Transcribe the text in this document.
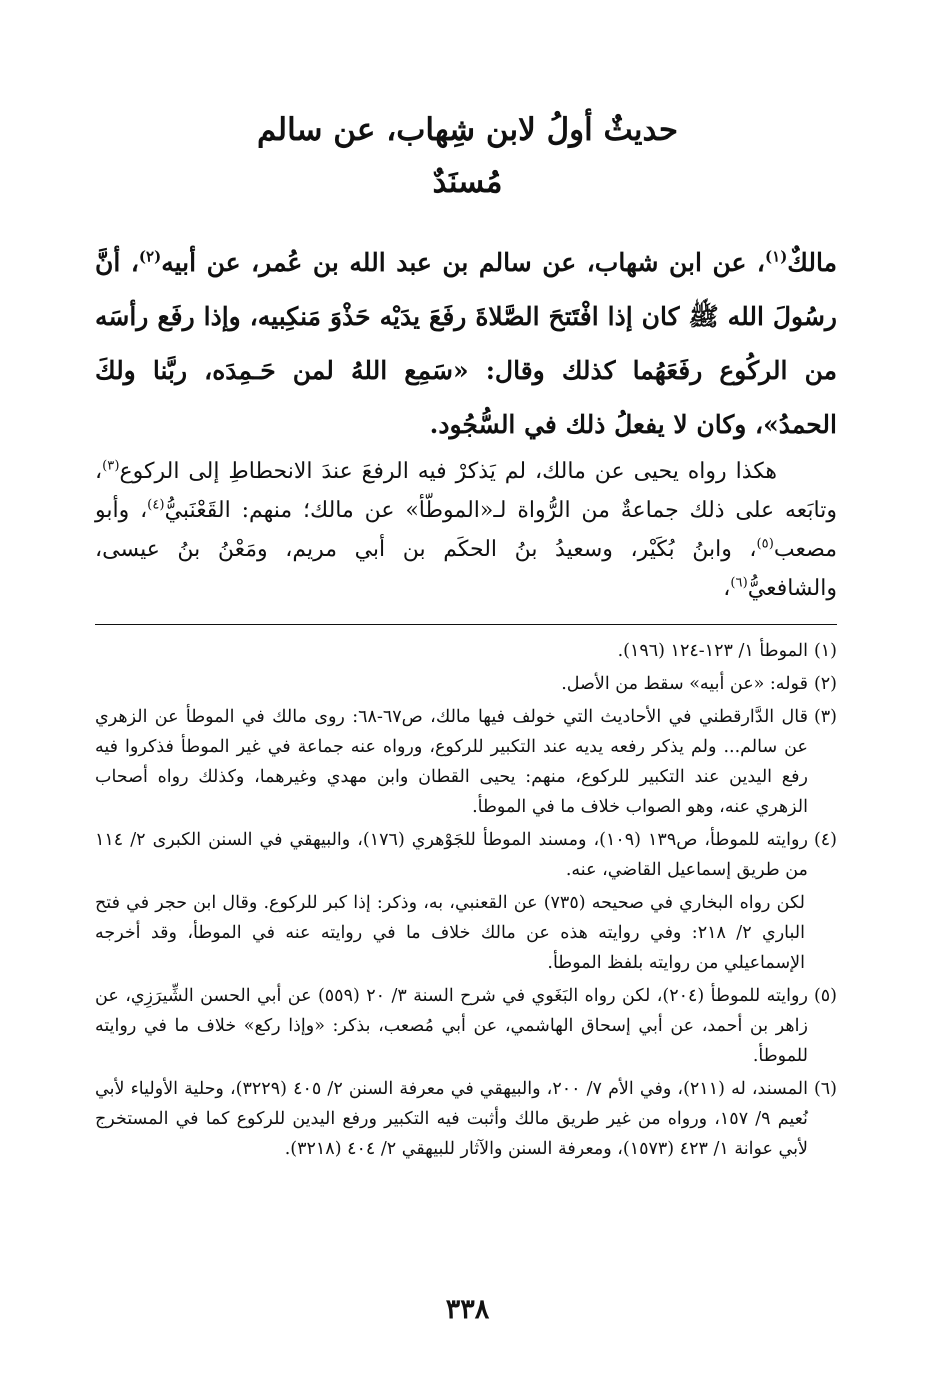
حديثٌ أولُ لابن شِهاب، عن سالم
مُسنَدٌ

مالكٌ$^{(١)}$، عن ابن شهاب، عن سالم بن عبد الله بن عُمر، عن أبيه$^{(٢)}$، أنَّ رسُولَ الله ﷺ كان إذا افْتَتحَ الصَّلاةَ رفَعَ يدَيْه حَذْوَ مَنكِبيه، وإذا رفَع رأسَه من الركُوع رفَعَهُما كذلك وقال: «سَمِع اللهُ لمن حَـمِدَه، ربَّنا ولكَ الحمدُ»، وكان لا يفعلُ ذلك في السُّجُود.

هكذا رواه يحيى عن مالك، لم يَذكرْ فيه الرفعَ عندَ الانحطاطِ إلى الركوع$^{(٣)}$، وتابَعه على ذلك جماعةٌ من الرُّواة لـ«الموطّأ» عن مالك؛ منهم: القَعْنَبيُّ$^{(٤)}$، وأبو مصعب$^{(٥)}$، وابنُ بُكَيْر، وسعيدُ بنُ الحكَم بن أبي مريم، ومَعْنُ بنُ عيسى، والشافعيُّ$^{(٦)}$،

(١)
الموطأ ١/ ١٢٣-١٢٤ (١٩٦).
(٢)
قوله: «عن أبيه» سقط من الأصل.
(٣)
قال الدَّارقطني في الأحاديث التي خولف فيها مالك، ص٦٧-٦٨: روى مالك في الموطأ عن الزهري عن سالم... ولم يذكر رفعه يديه عند التكبير للركوع، ورواه عنه جماعة في غير الموطأ فذكروا فيه رفع اليدين عند التكبير للركوع، منهم: يحيى القطان وابن مهدي وغيرهما، وكذلك رواه أصحاب الزهري عنه، وهو الصواب خلاف ما في الموطأ.
(٤)
روايته للموطأ، ص١٣٩ (١٠٩)، ومسند الموطأ للجَوْهري (١٧٦)، والبيهقي في السنن الكبرى ٢/ ١١٤ من طريق إسماعيل القاضي، عنه.
لكن رواه البخاري في صحيحه (٧٣٥) عن القعنبي، به، وذكر: إذا كبر للركوع. وقال ابن حجر في فتح الباري ٢/ ٢١٨: وفي روايته هذه عن مالك خلاف ما في روايته عنه في الموطأ، وقد أخرجه الإسماعيلي من روايته بلفظ الموطأ.
(٥)
روايته للموطأ (٢٠٤)، لكن رواه البَغَوي في شرح السنة ٣/ ٢٠ (٥٥٩) عن أبي الحسن الشِّيرَزِي، عن زاهر بن أحمد، عن أبي إسحاق الهاشمي، عن أبي مُصعب، بذكر: «وإذا ركع» خلاف ما في روايته للموطأ.
(٦)
المسند، له (٢١١)، وفي الأم ٧/ ٢٠٠، والبيهقي في معرفة السنن ٢/ ٤٠٥ (٣٢٢٩)، وحلية الأولياء لأبي نُعيم ٩/ ١٥٧، ورواه من غير طريق مالك وأثبت فيه التكبير ورفع اليدين للركوع كما في المستخرج لأبي عوانة ١/ ٤٢٣ (١٥٧٣)، ومعرفة السنن والآثار للبيهقي ٢/ ٤٠٤ (٣٢١٨).
٣٣٨
